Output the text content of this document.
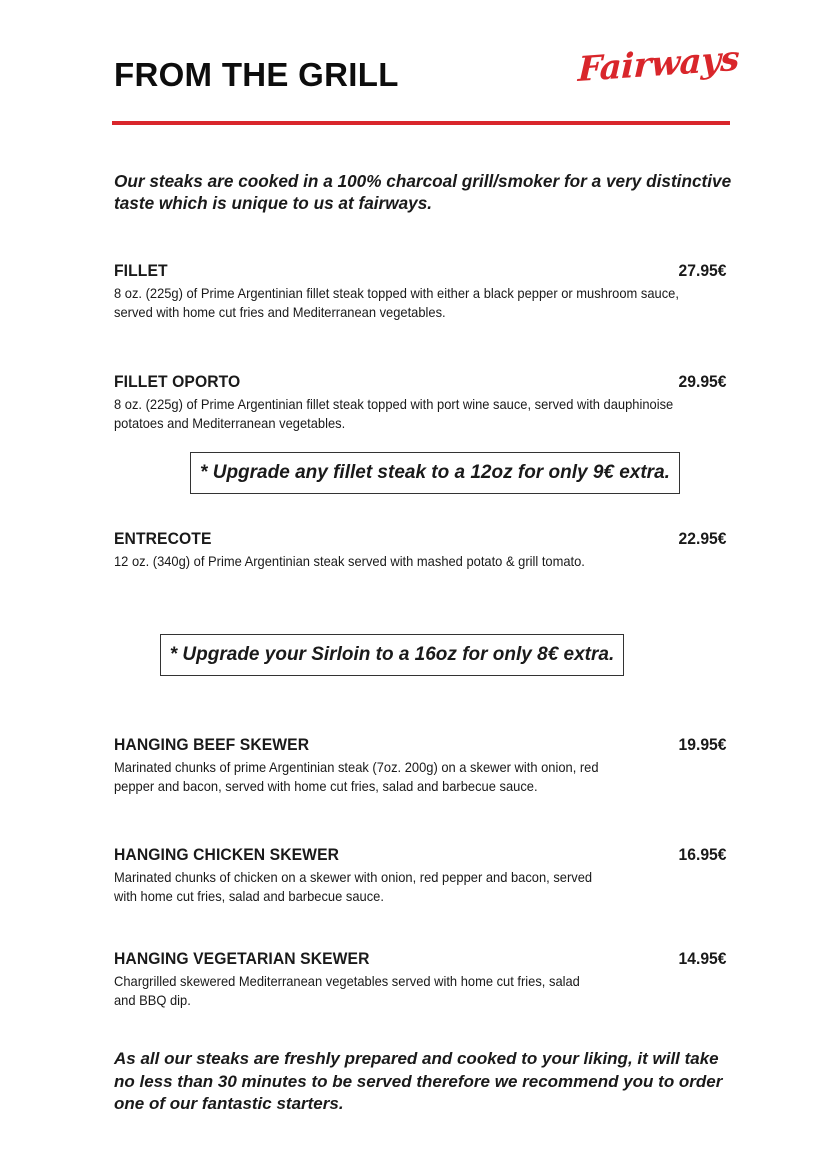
FROM THE GRILL	Fairways

Our steaks are cooked in a 100% charcoal grill/smoker for a very distinctive taste which is unique to us at fairways.

FILLET	27.95€

8 oz. (225g) of Prime Argentinian fillet steak topped with either a black pepper or mushroom sauce, served with home cut fries and Mediterranean vegetables.

FILLET OPORTO	29.95€

8 oz. (225g) of Prime Argentinian fillet steak topped with port wine sauce, served with dauphinoise potatoes and Mediterranean vegetables.

* Upgrade any fillet steak to a 12oz for only 9€ extra.
ENTRECOTE	22.95€

12 oz. (340g) of Prime Argentinian steak served with mashed potato & grill tomato.

* Upgrade your Sirloin to a 16oz for only 8€ extra.
HANGING BEEF SKEWER	19.95€

Marinated chunks of prime Argentinian steak (7oz. 200g) on a skewer with onion, red pepper and bacon, served with home cut fries, salad and barbecue sauce.

HANGING CHICKEN SKEWER	16.95€

Marinated chunks of chicken on a skewer with onion, red pepper and bacon, served with home cut fries, salad and barbecue sauce.

HANGING VEGETARIAN SKEWER	14.95€

Chargrilled skewered Mediterranean vegetables served with home cut fries, salad and BBQ dip.

As all our steaks are freshly prepared and cooked to your liking, it will take no less than 30 minutes to be served therefore we recommend you to order one of our fantastic starters.
